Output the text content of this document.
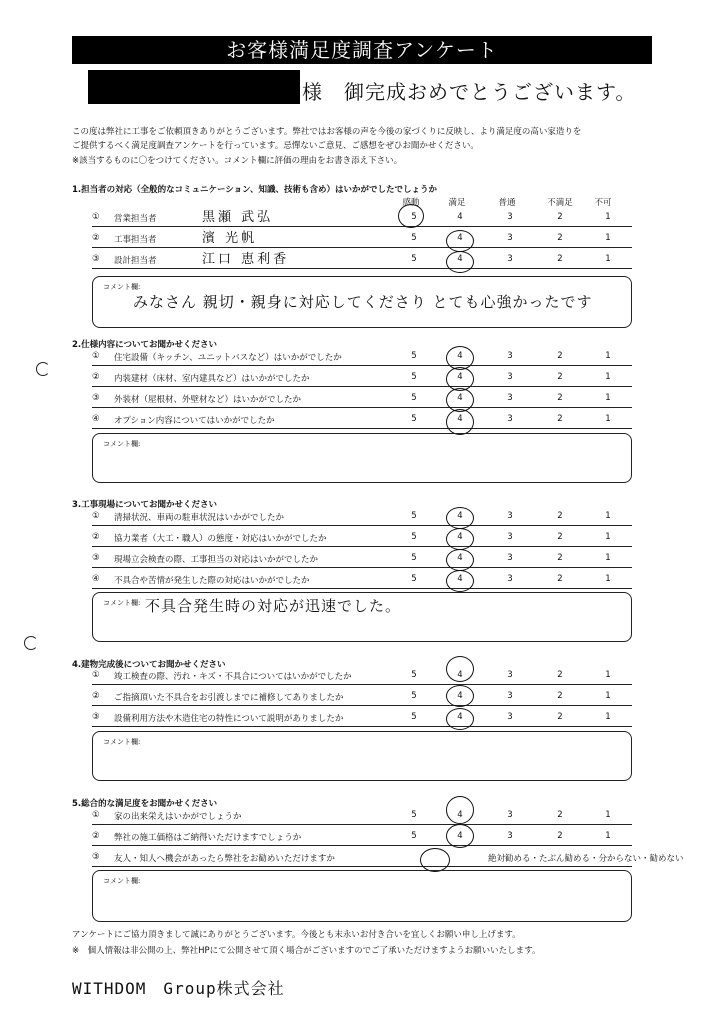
お客様満足度調査アンケート
様　御完成おめでとうございます。
この度は弊社に工事をご依頼頂きありがとうございます。弊社ではお客様の声を今後の家づくりに反映し、より満足度の高い家造りを
ご提供するべく満足度調査アンケートを行っています。忌憚ないご意見、ご感想をぜひお聞かせください。
※該当するものに〇をつけてください。コメント欄に評価の理由をお書き添え下さい。
1.担当者の対応（全般的なコミュニケーション、知識、技術も含め）はいかがでしたでしょうか
感動	満足	普通	不満足	不可
① 営業担当者	黒瀬 武弘	5	4	3	2	1
② 工事担当者	濱 光帆	5	4	3	2	1
③ 設計担当者	江口 恵利香	5	4	3	2	1
コメント欄:
みなさん 親切・親身に対応してくださり とても心強かったです
2.仕様内容についてお聞かせください
① 住宅設備（キッチン、ユニットバスなど）はいかがでしたか	5	4	3	2	1
② 内装建材（床材、室内建具など）はいかがでしたか	5	4	3	2	1
③ 外装材（屋根材、外壁材など）はいかがでしたか	5	4	3	2	1
④ オプション内容についてはいかがでしたか	5	4	3	2	1
コメント欄:
3.工事現場についてお聞かせください
① 清掃状況、車両の駐車状況はいかがでしたか	5	4	3	2	1
② 協力業者（大工・職人）の態度・対応はいかがでしたか	5	4	3	2	1
③ 現場立会検査の際、工事担当の対応はいかがでしたか	5	4	3	2	1
④ 不具合や苦情が発生した際の対応はいかがでしたか	5	4	3	2	1
コメント欄: 不具合発生時の対応が迅速でした。
4.建物完成後についてお聞かせください
① 竣工検査の際、汚れ・キズ・不具合についてはいかがでしたか	5	4	3	2	1
② ご指摘頂いた不具合をお引渡しまでに補修してありましたか	5	4	3	2	1
③ 設備利用方法や木造住宅の特性について説明がありましたか	5	4	3	2	1
コメント欄:
5.総合的な満足度をお聞かせください
① 家の出来栄えはいかがでしょうか	5	4	3	2	1
② 弊社の施工価格はご納得いただけますでしょうか	5	4	3	2	1
③ 友人・知人へ機会があったら弊社をお勧めいただけますか	絶対勧める・たぶん勧める・分からない・勧めない
コメント欄:
アンケートにご協力頂きまして誠にありがとうございます。今後とも末永いお付き合いを宜しくお願い申し上げます。
※　個人情報は非公開の上、弊社HPにて公開させて頂く場合がございますのでご了承いただけますようお願いいたします。
WITHDOM　Group株式会社
